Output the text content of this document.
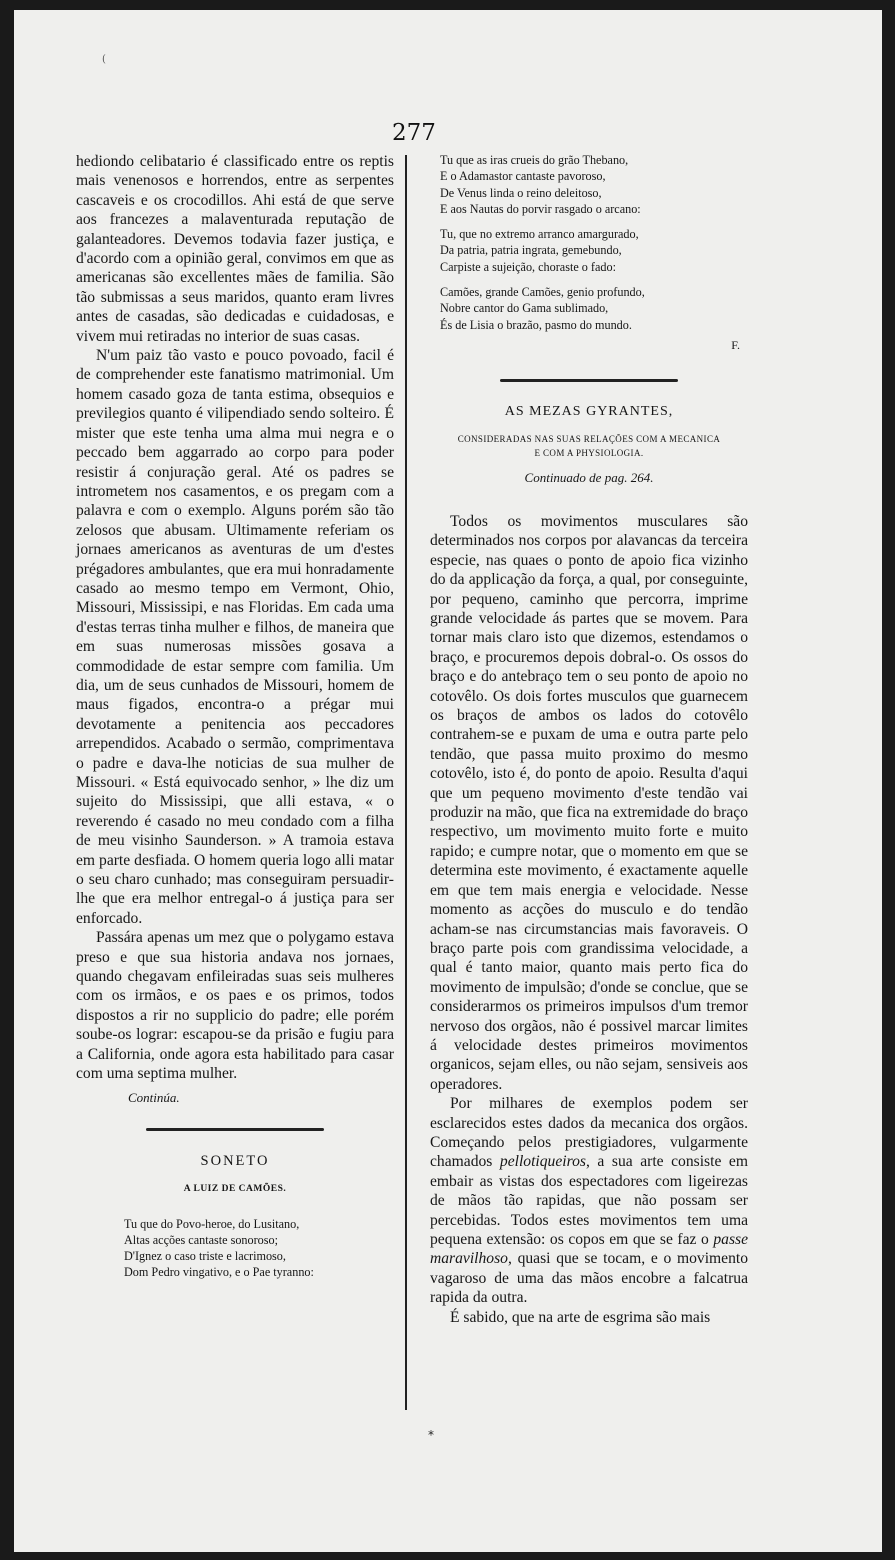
(
277

hediondo celibatario é classificado entre os reptis mais venenosos e horrendos, entre as serpentes cascaveis e os crocodillos. Ahi está de que serve aos francezes a malaventurada reputação de galanteadores. Devemos todavia fazer justiça, e d'acordo com a opinião geral, convimos em que as americanas são excellentes mães de familia. São tão submissas a seus maridos, quanto eram livres antes de casadas, são dedicadas e cuidadosas, e vivem mui retiradas no interior de suas casas.

N'um paiz tão vasto e pouco povoado, facil é de comprehender este fanatismo matrimonial. Um homem casado goza de tanta estima, obsequios e previlegios quanto é vilipendiado sendo solteiro. É mister que este tenha uma alma mui negra e o peccado bem aggarrado ao corpo para poder resistir á conjuração geral. Até os padres se intrometem nos casamentos, e os pregam com a palavra e com o exemplo. Alguns porém são tão zelosos que abusam. Ultimamente referiam os jornaes americanos as aventuras de um d'estes prégadores ambulantes, que era mui honradamente casado ao mesmo tempo em Vermont, Ohio, Missouri, Mississipi, e nas Floridas. Em cada uma d'estas terras tinha mulher e filhos, de maneira que em suas numerosas missões gosava a commodidade de estar sempre com familia. Um dia, um de seus cunhados de Missouri, homem de maus figados, encontra-o a prégar mui devotamente a penitencia aos peccadores arrependidos. Acabado o sermão, comprimentava o padre e dava-lhe noticias de sua mulher de Missouri. « Está equivocado senhor, » lhe diz um sujeito do Mississipi, que alli estava, « o reverendo é casado no meu condado com a filha de meu visinho Saunderson. » A tramoia estava em parte desfiada. O homem queria logo alli matar o seu charo cunhado; mas conseguiram persuadir-lhe que era melhor entregal-o á justiça para ser enforcado.

Passára apenas um mez que o polygamo estava preso e que sua historia andava nos jornaes, quando chegavam enfileiradas suas seis mulheres com os irmãos, e os paes e os primos, todos dispostos a rir no supplicio do padre; elle porém soube-os lograr: escapou-se da prisão e fugiu para a California, onde agora esta habilitado para casar com uma septima mulher.

Continúa.

SONETO
A LUIZ DE CAMÕES.

Tu que do Povo-heroe, do Lusitano,

Altas acções cantaste sonoroso;

D'Ignez o caso triste e lacrimoso,

Dom Pedro vingativo, e o Pae tyranno:

Tu que as iras crueis do grão Thebano,

E o Adamastor cantaste pavoroso,

De Venus linda o reino deleitoso,

E aos Nautas do porvir rasgado o arcano:

Tu, que no extremo arranco amargurado,

Da patria, patria ingrata, gemebundo,

Carpiste a sujeição, choraste o fado:

Camões, grande Camões, genio profundo,

Nobre cantor do Gama sublimado,

És de Lisia o brazão, pasmo do mundo.

F.
AS MEZAS GYRANTES,
CONSIDERADAS NAS SUAS RELAÇÕES COM A MECANICA
E COM A PHYSIOLOGIA.
Continuado de pag. 264.

Todos os movimentos musculares são determinados nos corpos por alavancas da terceira especie, nas quaes o ponto de apoio fica vizinho do da applicação da força, a qual, por conseguinte, por pequeno, caminho que percorra, imprime grande velocidade ás partes que se movem. Para tornar mais claro isto que dizemos, estendamos o braço, e procuremos depois dobral-o. Os ossos do braço e do antebraço tem o seu ponto de apoio no cotovêlo. Os dois fortes musculos que guarnecem os braços de ambos os lados do cotovêlo contrahem-se e puxam de uma e outra parte pelo tendão, que passa muito proximo do mesmo cotovêlo, isto é, do ponto de apoio. Resulta d'aqui que um pequeno movimento d'este tendão vai produzir na mão, que fica na extremidade do braço respectivo, um movimento muito forte e muito rapido; e cumpre notar, que o momento em que se determina este movimento, é exactamente aquelle em que tem mais energia e velocidade. Nesse momento as acções do musculo e do tendão acham-se nas circumstancias mais favoraveis. O braço parte pois com grandissima velocidade, a qual é tanto maior, quanto mais perto fica do movimento de impulsão; d'onde se conclue, que se considerarmos os primeiros impulsos d'um tremor nervoso dos orgãos, não é possivel marcar limites á velocidade destes primeiros movimentos organicos, sejam elles, ou não sejam, sensiveis aos operadores.

Por milhares de exemplos podem ser esclarecidos estes dados da mecanica dos orgãos. Começando pelos prestigiadores, vulgarmente chamados pellotiqueiros, a sua arte consiste em embair as vistas dos espectadores com ligeirezas de mãos tão rapidas, que não possam ser percebidas. Todos estes movimentos tem uma pequena extensão: os copos em que se faz o passe maravilhoso, quasi que se tocam, e o movimento vagaroso de uma das mãos encobre a falcatrua rapida da outra.

É sabido, que na arte de esgrima são mais

*
